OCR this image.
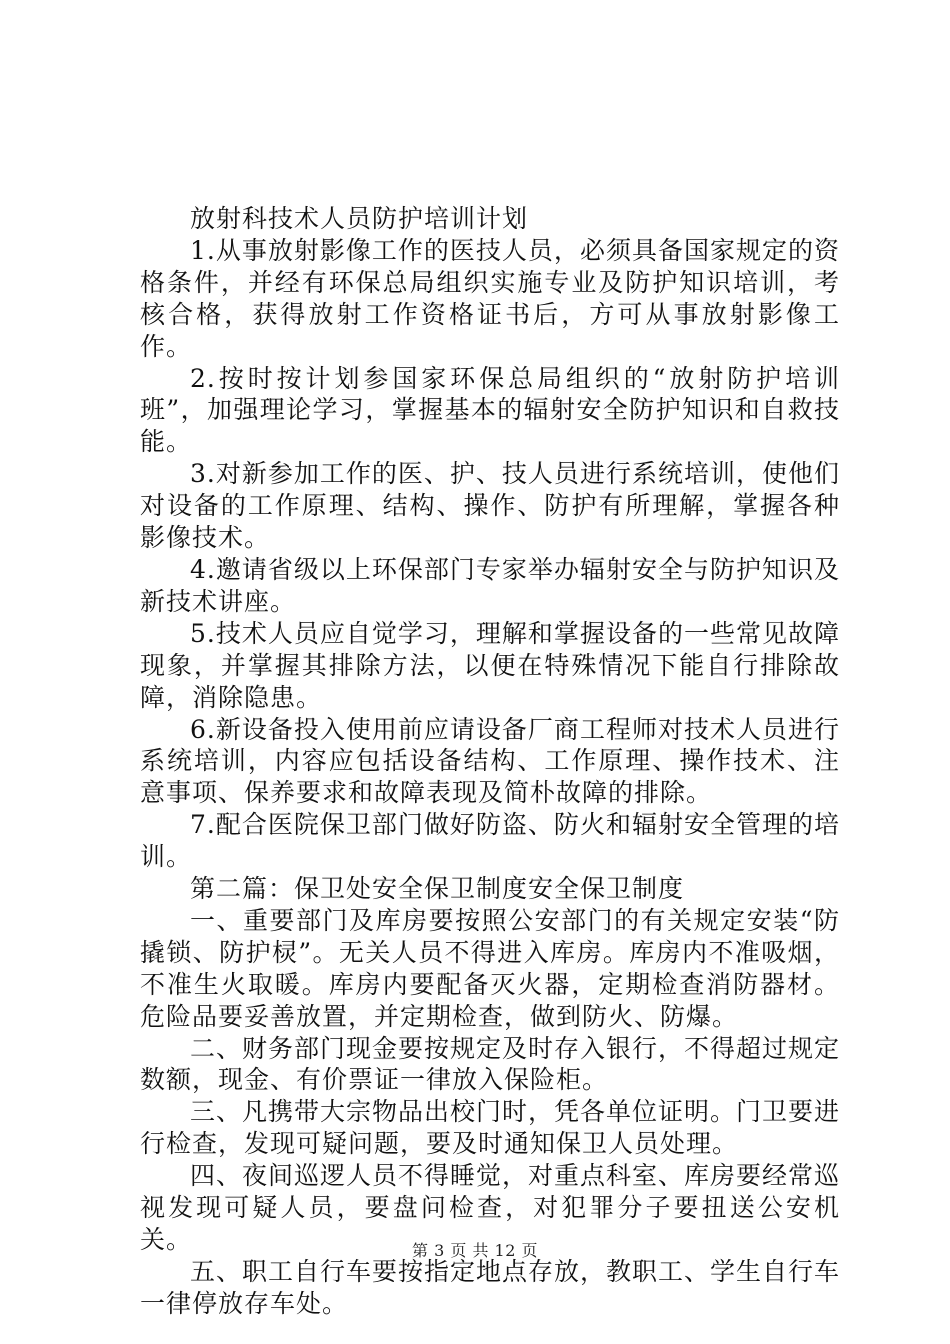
放射科技术人员防护培训计划

1.从事放射影像工作的医技人员，必须具备国家规定的资格条件，并经有环保总局组织实施专业及防护知识培训，考核合格，获得放射工作资格证书后，方可从事放射影像工作。

2.按时按计划参国家环保总局组织的“放射防护培训班”，加强理论学习，掌握基本的辐射安全防护知识和自救技能。

3.对新参加工作的医、护、技人员进行系统培训，使他们对设备的工作原理、结构、操作、防护有所理解，掌握各种影像技术。

4.邀请省级以上环保部门专家举办辐射安全与防护知识及新技术讲座。

5.技术人员应自觉学习，理解和掌握设备的一些常见故障现象，并掌握其排除方法，以便在特殊情况下能自行排除故障，消除隐患。

6.新设备投入使用前应请设备厂商工程师对技术人员进行系统培训，内容应包括设备结构、工作原理、操作技术、注意事项、保养要求和故障表现及简朴故障的排除。

7.配合医院保卫部门做好防盗、防火和辐射安全管理的培训。

第二篇：保卫处安全保卫制度安全保卫制度

一、重要部门及库房要按照公安部门的有关规定安装“防撬锁、防护棂”。无关人员不得进入库房。库房内不准吸烟，不准生火取暖。库房内要配备灭火器，定期检查消防器材。危险品要妥善放置，并定期检查，做到防火、防爆。

二、财务部门现金要按规定及时存入银行，不得超过规定数额，现金、有价票证一律放入保险柜。

三、凡携带大宗物品出校门时，凭各单位证明。门卫要进行检查，发现可疑问题，要及时通知保卫人员处理。

四、夜间巡逻人员不得睡觉，对重点科室、库房要经常巡视发现可疑人员，要盘问检查，对犯罪分子要扭送公安机关。

五、职工自行车要按指定地点存放，教职工、学生自行车一律停放存车处。

第 3 页 共 12 页
